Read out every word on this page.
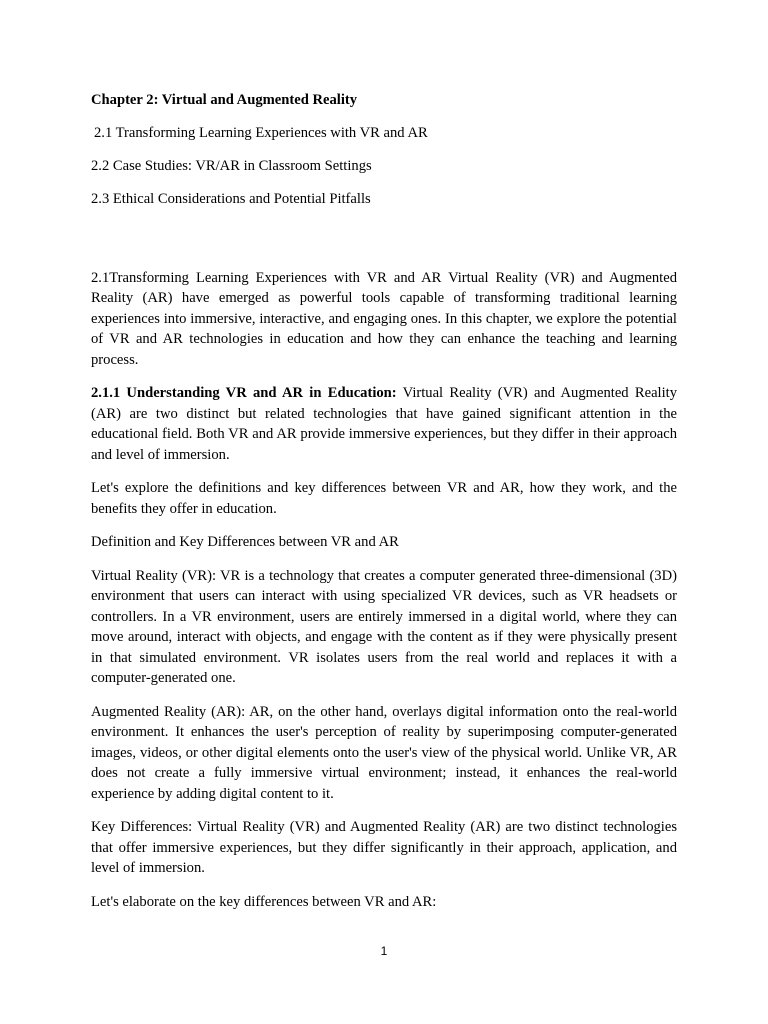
Chapter 2: Virtual and Augmented Reality
2.1 Transforming Learning Experiences with VR and AR
2.2 Case Studies: VR/AR in Classroom Settings
2.3 Ethical Considerations and Potential Pitfalls

2.1Transforming Learning Experiences with VR and AR Virtual Reality (VR) and Augmented Reality (AR) have emerged as powerful tools capable of transforming traditional learning experiences into immersive, interactive, and engaging ones. In this chapter, we explore the potential of VR and AR technologies in education and how they can enhance the teaching and learning process.

2.1.1 Understanding VR and AR in Education: Virtual Reality (VR) and Augmented Reality (AR) are two distinct but related technologies that have gained significant attention in the educational field. Both VR and AR provide immersive experiences, but they differ in their approach and level of immersion.

Let's explore the definitions and key differences between VR and AR, how they work, and the benefits they offer in education.

Definition and Key Differences between VR and AR

Virtual Reality (VR): VR is a technology that creates a computer generated three-dimensional (3D) environment that users can interact with using specialized VR devices, such as VR headsets or controllers. In a VR environment, users are entirely immersed in a digital world, where they can move around, interact with objects, and engage with the content as if they were physically present in that simulated environment. VR isolates users from the real world and replaces it with a computer-generated one.

Augmented Reality (AR): AR, on the other hand, overlays digital information onto the real-world environment. It enhances the user's perception of reality by superimposing computer-generated images, videos, or other digital elements onto the user's view of the physical world. Unlike VR, AR does not create a fully immersive virtual environment; instead, it enhances the real-world experience by adding digital content to it.

Key Differences: Virtual Reality (VR) and Augmented Reality (AR) are two distinct technologies that offer immersive experiences, but they differ significantly in their approach, application, and level of immersion.

Let's elaborate on the key differences between VR and AR:

1
